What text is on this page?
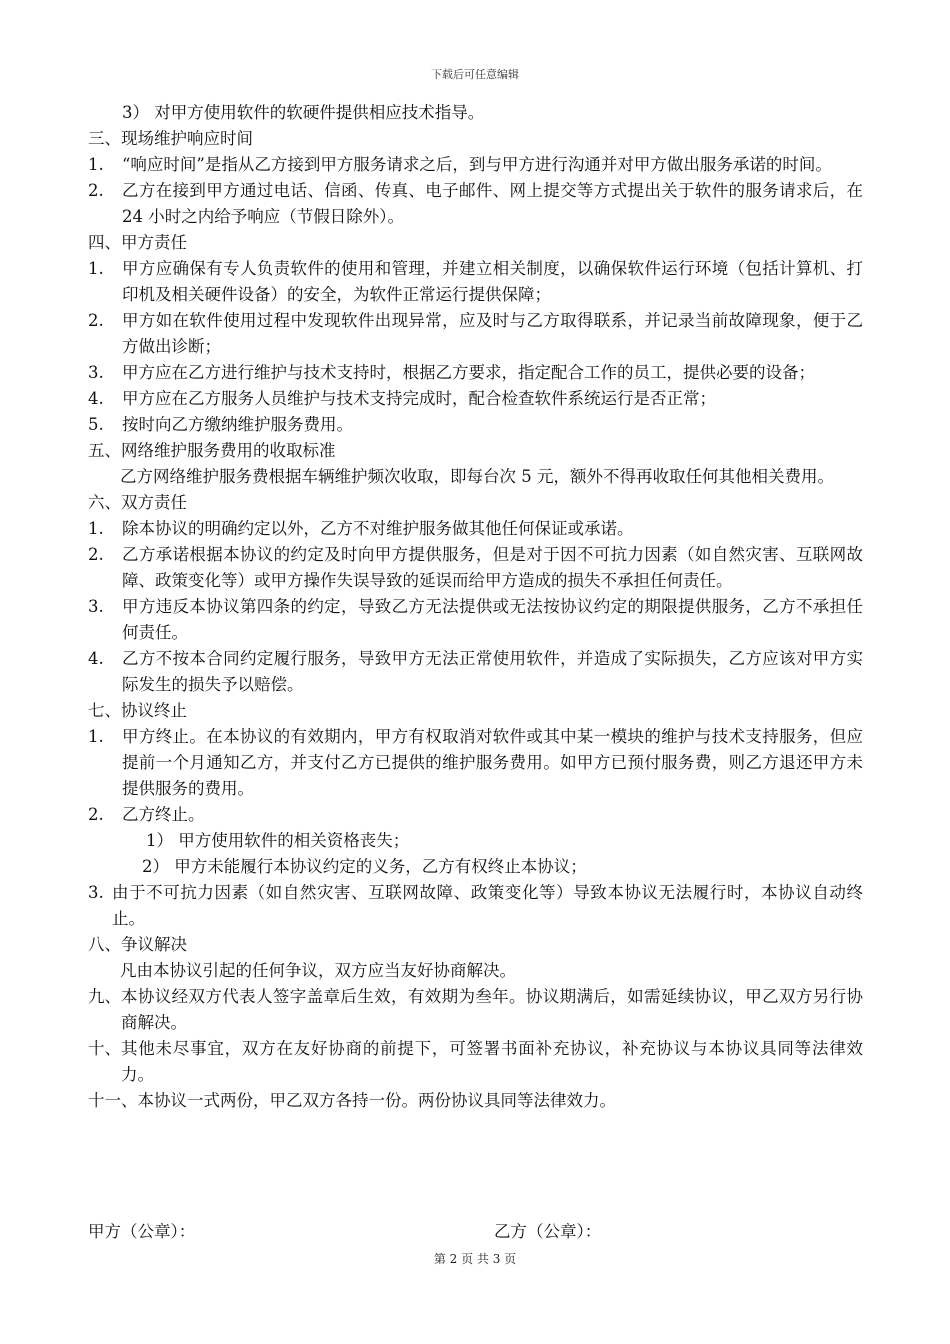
下载后可任意编辑

3） 对甲方使用软件的软硬件提供相应技术指导。

三、现场维护响应时间

1.	“响应时间”是指从乙方接到甲方服务请求之后，到与甲方进行沟通并对甲方做出服务承诺的时间。
2.	乙方在接到甲方通过电话、信函、传真、电子邮件、网上提交等方式提出关于软件的服务请求后，在 24 小时之内给予响应（节假日除外）。

四、甲方责任

1.	甲方应确保有专人负责软件的使用和管理，并建立相关制度，以确保软件运行环境（包括计算机、打印机及相关硬件设备）的安全，为软件正常运行提供保障；
2.	甲方如在软件使用过程中发现软件出现异常，应及时与乙方取得联系，并记录当前故障现象，便于乙方做出诊断；
3.	甲方应在乙方进行维护与技术支持时，根据乙方要求，指定配合工作的员工，提供必要的设备；
4.	甲方应在乙方服务人员维护与技术支持完成时，配合检查软件系统运行是否正常；
5.	按时向乙方缴纳维护服务费用。

五、网络维护服务费用的收取标准

乙方网络维护服务费根据车辆维护频次收取，即每台次 5 元，额外不得再收取任何其他相关费用。

六、双方责任

1.	除本协议的明确约定以外，乙方不对维护服务做其他任何保证或承诺。
2.	乙方承诺根据本协议的约定及时向甲方提供服务，但是对于因不可抗力因素（如自然灾害、互联网故障、政策变化等）或甲方操作失误导致的延误而给甲方造成的损失不承担任何责任。
3.	甲方违反本协议第四条的约定，导致乙方无法提供或无法按协议约定的期限提供服务，乙方不承担任何责任。
4.	乙方不按本合同约定履行服务，导致甲方无法正常使用软件，并造成了实际损失，乙方应该对甲方实际发生的损失予以赔偿。

七、协议终止

1.	甲方终止。在本协议的有效期内，甲方有权取消对软件或其中某一模块的维护与技术支持服务，但应提前一个月通知乙方，并支付乙方已提供的维护服务费用。如甲方已预付服务费，则乙方退还甲方未提供服务的费用。
2.	乙方终止。

1） 甲方使用软件的相关资格丧失；

2） 甲方未能履行本协议约定的义务，乙方有权终止本协议；

3. 由于不可抗力因素（如自然灾害、互联网故障、政策变化等）导致本协议无法履行时，本协议自动终止。

八、争议解决

凡由本协议引起的任何争议，双方应当友好协商解决。

九、 本协议经双方代表人签字盖章后生效，有效期为叁年。协议期满后，如需延续协议，甲乙双方另行协商解决。
十、 其他未尽事宜，双方在友好协商的前提下，可签署书面补充协议，补充协议与本协议具同等法律效力。

十一、本协议一式两份，甲乙双方各持一份。两份协议具同等法律效力。

甲方（公章）：	乙方（公章）：
第 2 页 共 3 页
